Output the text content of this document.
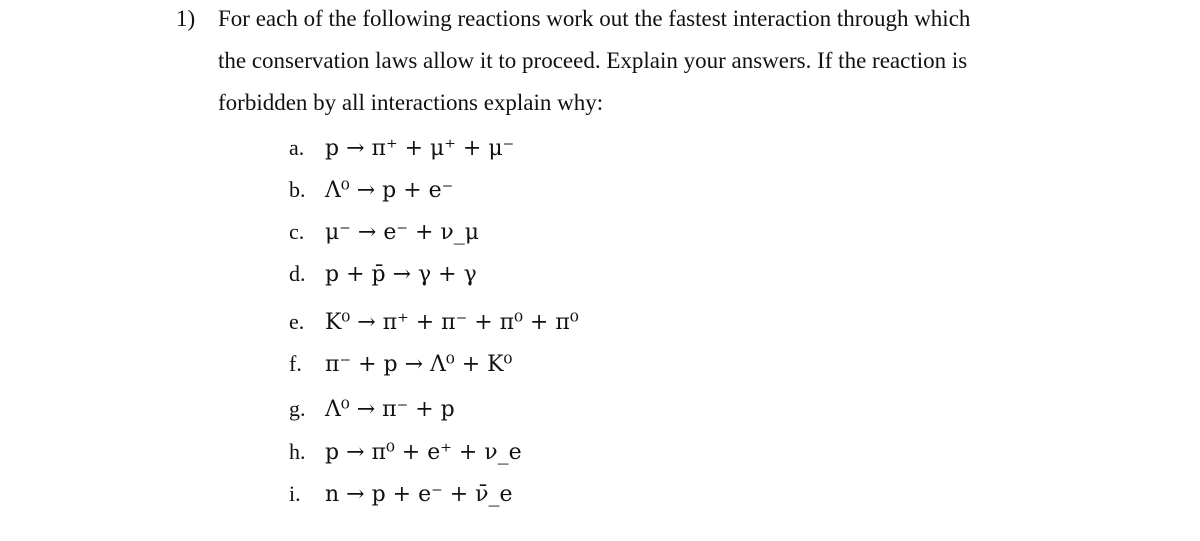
1) For each of the following reactions work out the fastest interaction through which
the conservation laws allow it to proceed. Explain your answers. If the reaction is
forbidden by all interactions explain why:
a. p → π⁺ + μ⁺ + μ⁻
b. Λ⁰ → p + e⁻
c. μ⁻ → e⁻ + ν_μ
d. p + p̄ → γ + γ
e. K⁰ → π⁺ + π⁻ + π⁰ + π⁰
f.	π⁻ + p → Λ⁰ + K⁰
g. Λ⁰ → π⁻ + p
h. p → π⁰ + e⁺ + ν_e
i.	n → p + e⁻ + ν̄_e
